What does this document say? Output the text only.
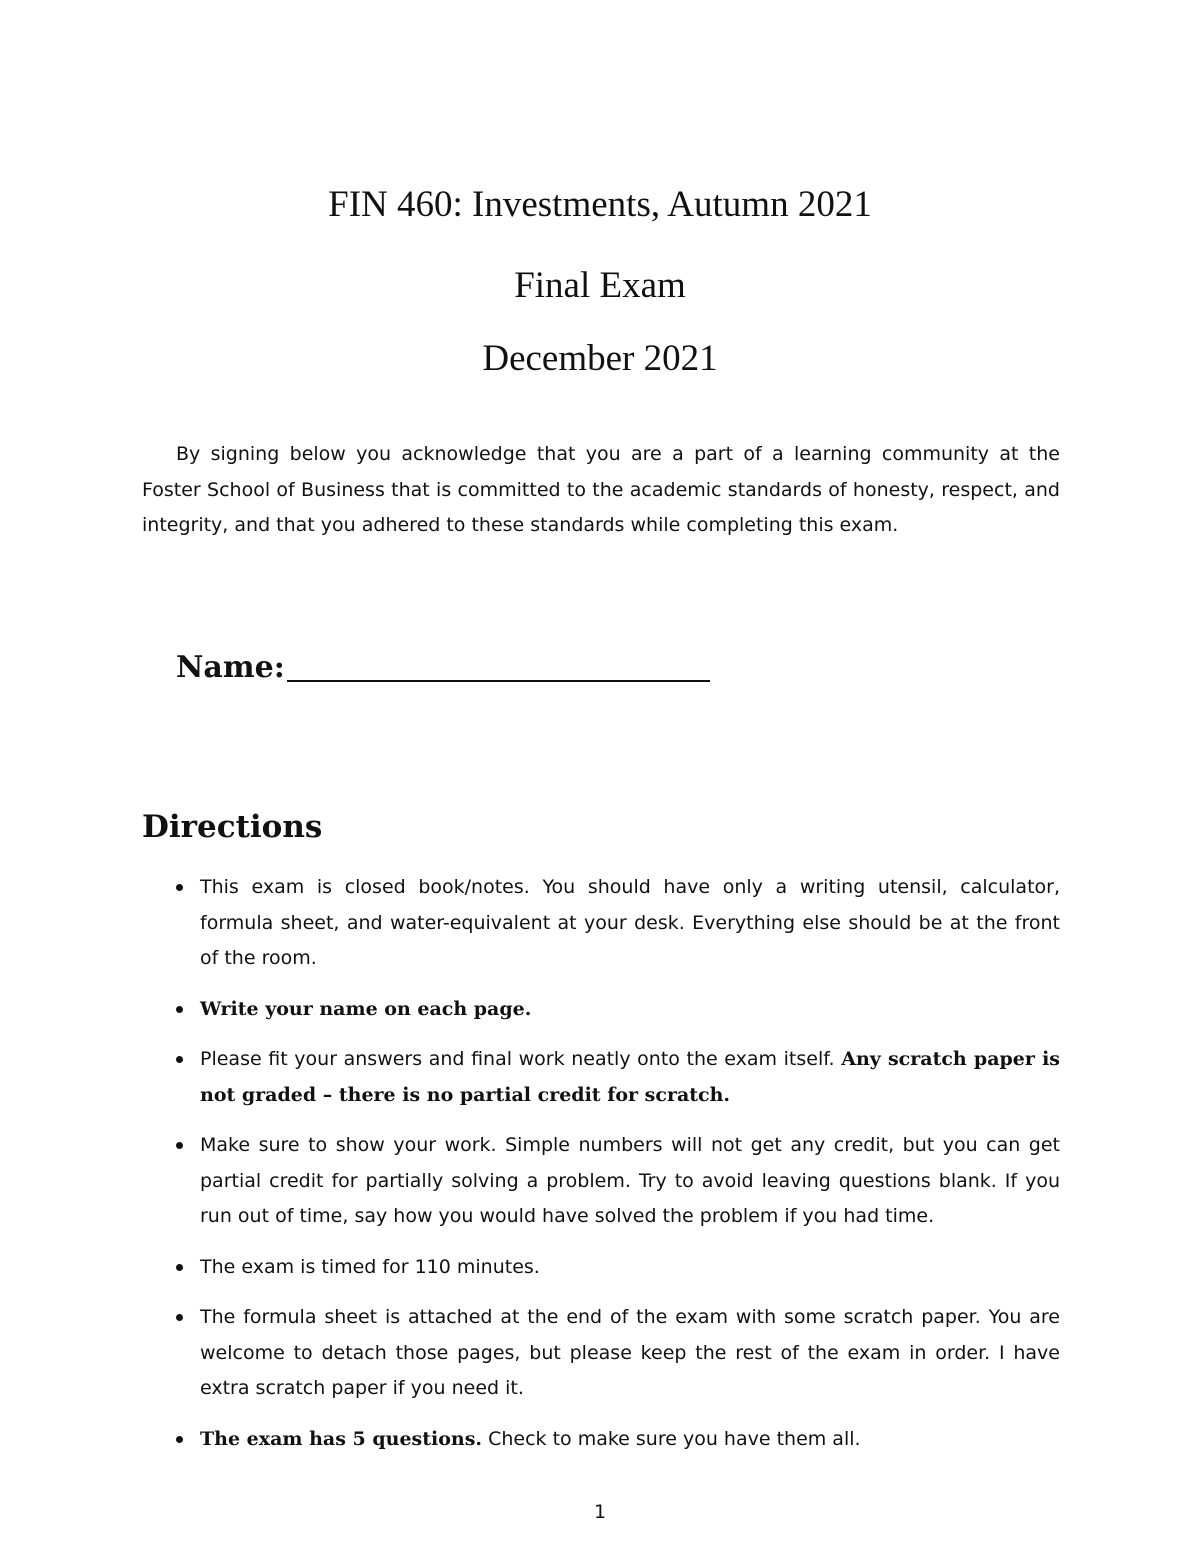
FIN 460: Investments, Autumn 2021
Final Exam
December 2021

By signing below you acknowledge that you are a part of a learning community at the Foster School of Business that is committed to the academic standards of honesty, respect, and integrity, and that you adhered to these standards while completing this exam.

Name:
Directions
This exam is closed book/notes. You should have only a writing utensil, calculator, formula sheet, and water-equivalent at your desk. Everything else should be at the front of the room.
Write your name on each page.
Please fit your answers and final work neatly onto the exam itself. Any scratch paper is not graded – there is no partial credit for scratch.
Make sure to show your work. Simple numbers will not get any credit, but you can get partial credit for partially solving a problem. Try to avoid leaving questions blank. If you run out of time, say how you would have solved the problem if you had time.
The exam is timed for 110 minutes.
The formula sheet is attached at the end of the exam with some scratch paper. You are welcome to detach those pages, but please keep the rest of the exam in order. I have extra scratch paper if you need it.
The exam has 5 questions. Check to make sure you have them all.
1
